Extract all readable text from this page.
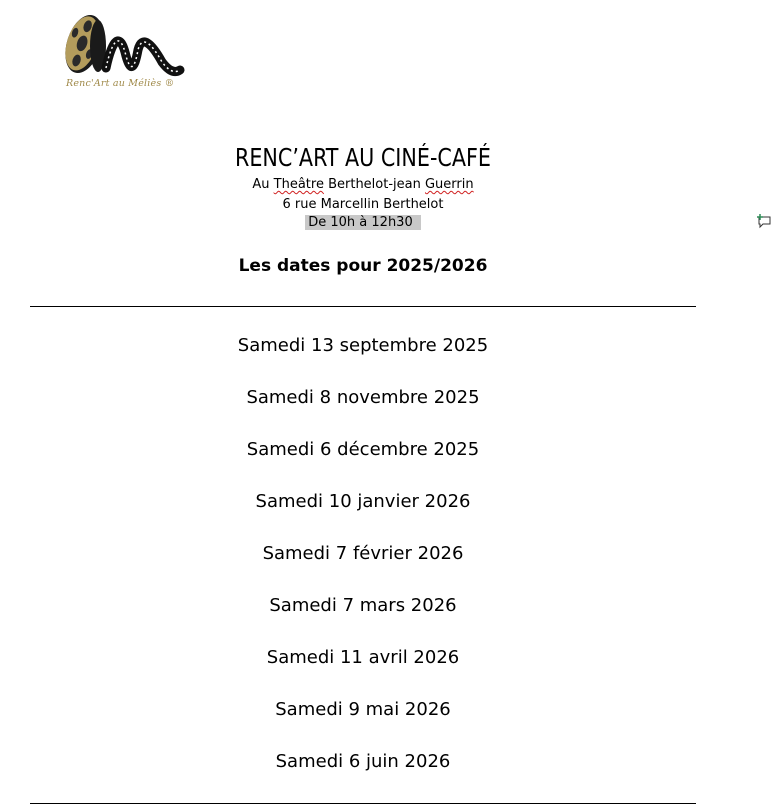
Renc'Art au Méliès ®
RENC’ART AU CINÉ-CAFÉ
Au Theâtre Berthelot-jean Guerrin
6 rue Marcellin Berthelot
De 10h à 12h30
Les dates pour 2025/2026
Samedi 13 septembre 2025
Samedi 8 novembre 2025
Samedi 6 décembre 2025
Samedi 10 janvier 2026
Samedi 7 février 2026
Samedi 7 mars 2026
Samedi 11 avril 2026
Samedi 9 mai 2026
Samedi 6 juin 2026
